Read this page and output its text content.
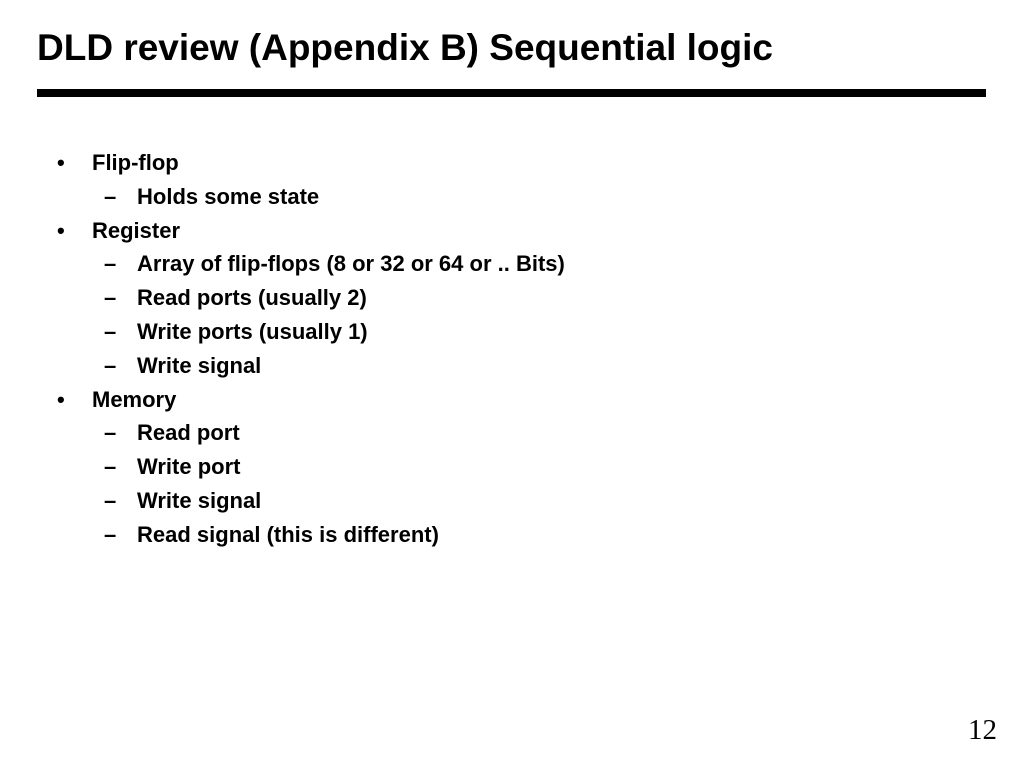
DLD review (Appendix B) Sequential logic
• Flip-flop
– Holds some state
• Register
– Array of flip-flops (8 or 32 or 64 or .. Bits)
– Read ports (usually 2)
– Write ports (usually 1)
– Write signal
• Memory
– Read port
– Write port
– Write signal
– Read signal (this is different)
12
